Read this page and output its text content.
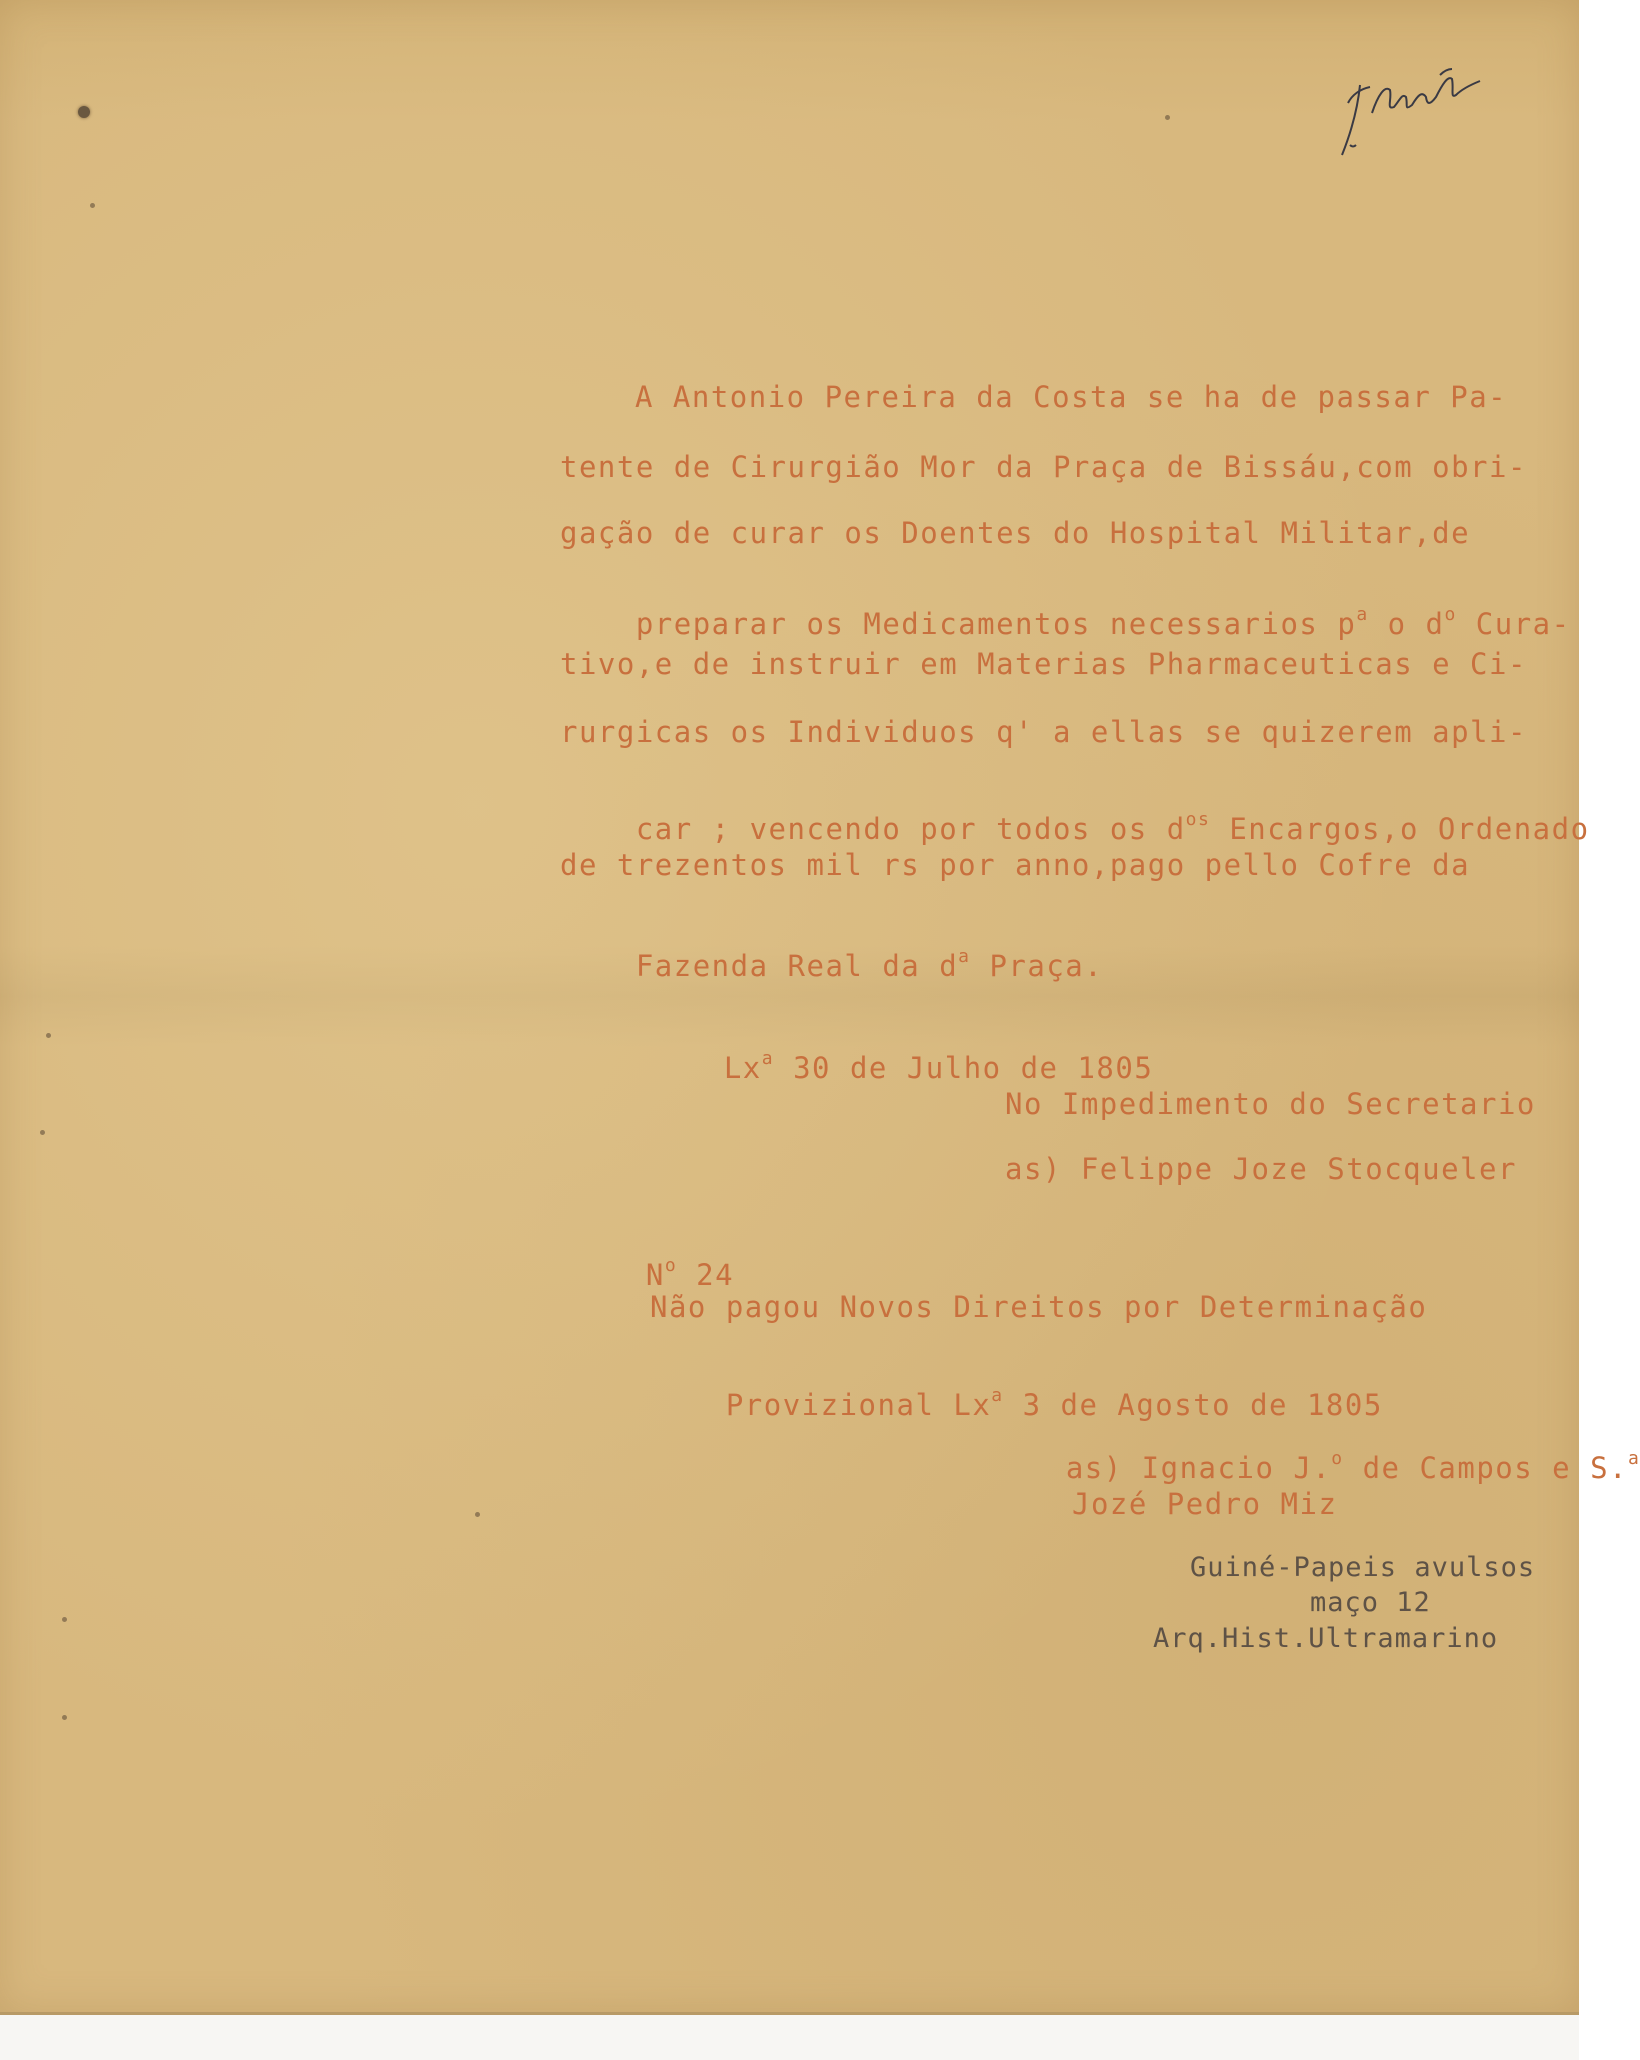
A Antonio Pereira da Costa se ha de passar Pa-
tente de Cirurgião Mor da Praça de Bissáu,com obri-
gação de curar os Doentes do Hospital Militar,de

preparar os Medicamentos necessarios $p^a$ o $d^o$ Cura-

tivo,e de instruir em Materias Pharmaceuticas e Ci-
rurgicas os Individuos q' a ellas se quizerem apli-

car ; vencendo por todos os $d^{os}$ Encargos,o Ordenado

de trezentos mil rs por anno,pago pello Cofre da

Fazenda Real da $d^a$ Praça.

Lx$^a$ 30 de Julho de 1805

No Impedimento do Secretario
as) Felippe Joze Stocqueler

$N^o$ 24

Não pagou Novos Direitos por Determinação

Provizional Lx$^a$ 3 de Agosto de 1805

as) Ignacio J.$^o$ de Campos e S.$^a$

Jozé Pedro Miz
Guiné-Papeis avulsos
maço 12
Arq.Hist.Ultramarino
